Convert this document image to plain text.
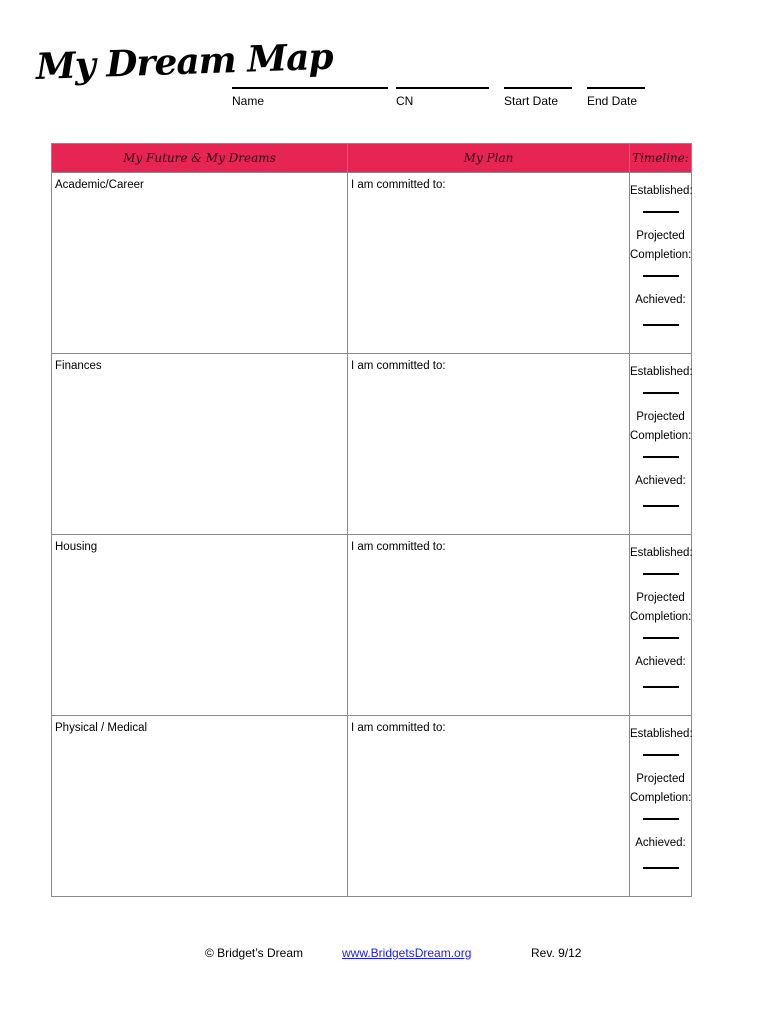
My Dream Map
Name	CN	Start Date End Date
My Future & My Dreams	My Plan	Timeline:

Academic/Career	I am committed to:	Established:
Projected
Completion:
Achieved:

Finances	I am committed to:	Established:
Projected
Completion:
Achieved:

Housing	I am committed to:	Established:
Projected
Completion:
Achieved:

Physical / Medical	I am committed to:	Established:
Projected
Completion:
Achieved:
© Bridget’s Dream	www.BridgetsDream.org	Rev. 9/12
